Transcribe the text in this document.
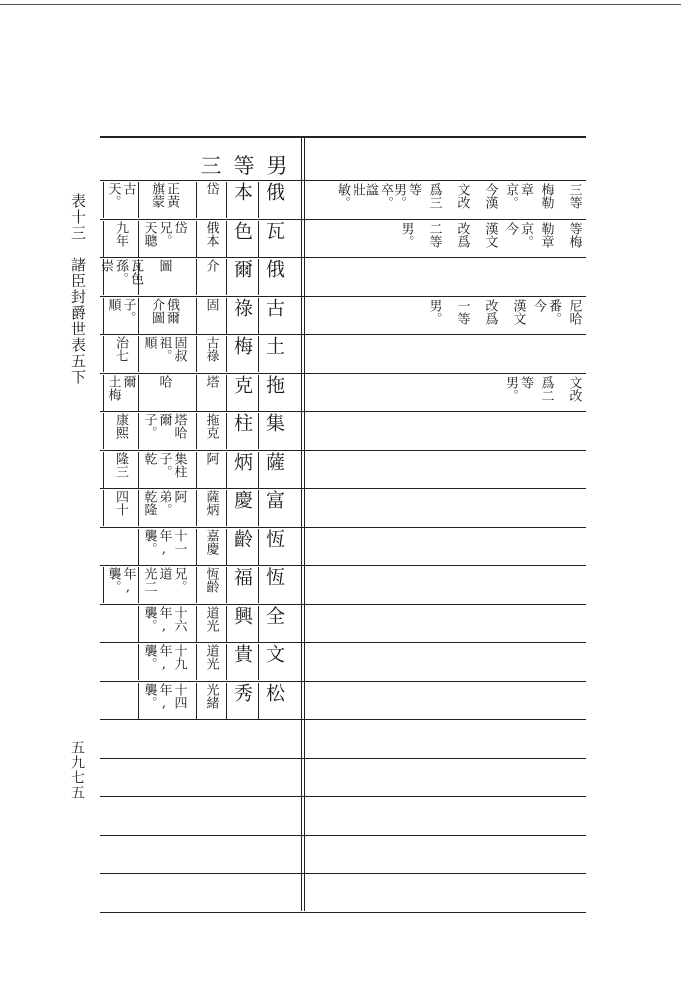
表十三　諸臣封爵世表五下
五九七五
三等男
俄
本
岱
正黃
旗蒙
古天。
瓦
色
俄本
岱兄。
天聰
九年
俄
爾
介
圖
瓦色
孫。崇
古
祿
固
俄爾
介圖
子。順
土
梅
古祿
固叔
祖。順
治七
拖
克
塔
哈
爾
土梅
集
柱
拖克
塔哈
爾子。
康熙
薩
炳
阿
集柱
子。乾
隆三
富
慶
薩炳
阿弟。
乾隆
四十
恆
齡
嘉慶
十一
年,襲。
恆
福
恆齡
兄。道
光二
年,襲。
全
興
道光
十六
年,襲。
文
貴
道光
十九
年,襲。
松
秀
光緒
十四
年,襲。
三等
梅勒
章京。
今漢
文改
爲三
等男。
卒。諡
壯敏。
等梅
勒章
京。今
漢文
改爲
二等
男。
尼哈
番。今
漢文
改爲
一等
男。
文改
爲二
等男。
